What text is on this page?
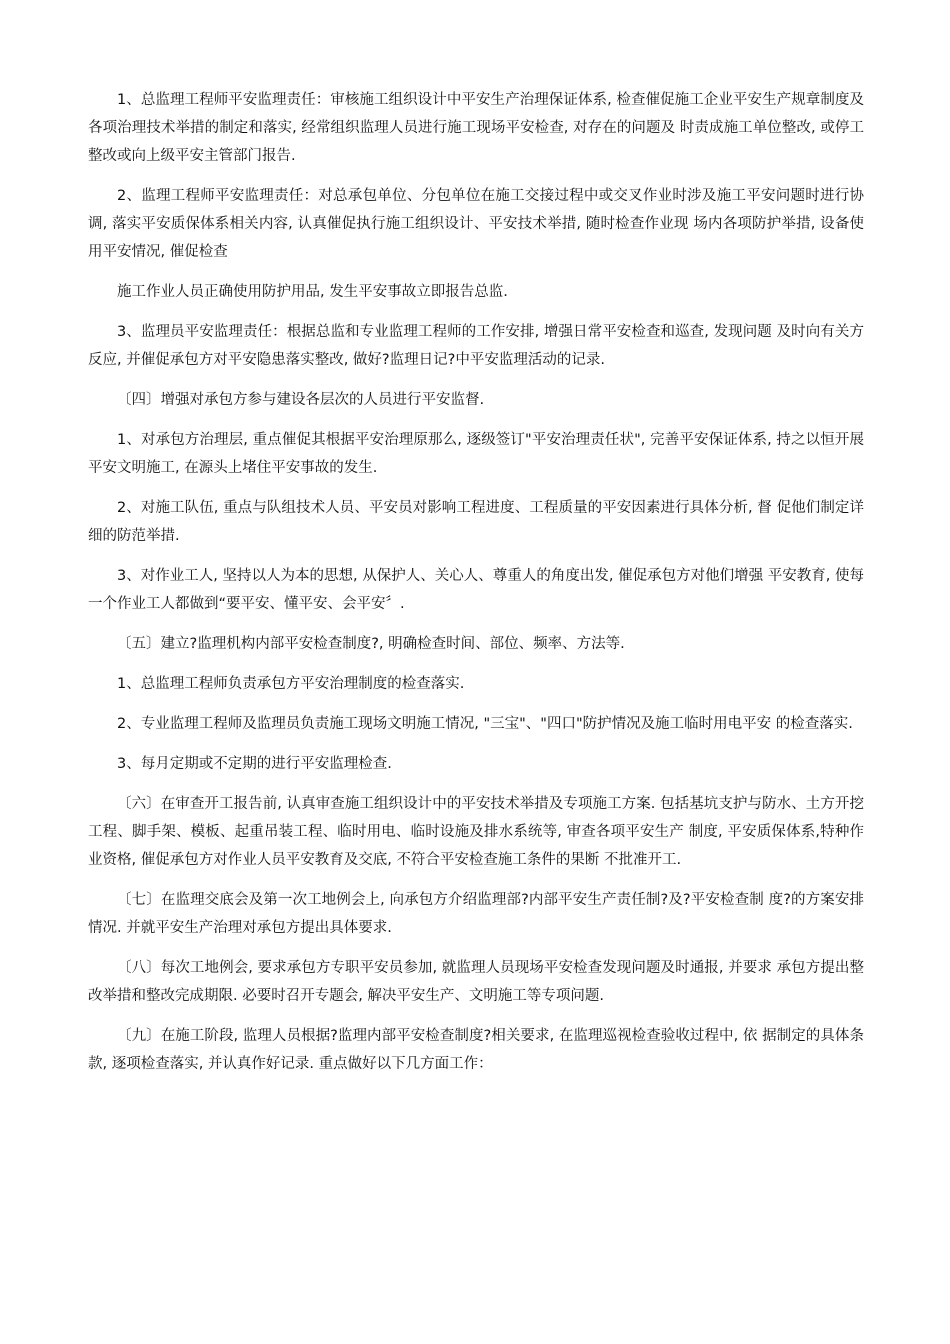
1、总监理工程师平安监理责任：审核施工组织设计中平安生产治理保证体系, 检查催促施工企业平安生产规章制度及各项治理技术举措的制定和落实, 经常组织监理人员进行施工现场平安检查, 对存在的问题及 时责成施工单位整改, 或停工整改或向上级平安主管部门报告.

2、监理工程师平安监理责任：对总承包单位、分包单位在施工交接过程中或交叉作业时涉及施工平安问题时进行协调, 落实平安质保体系相关内容, 认真催促执行施工组织设计、平安技术举措, 随时检查作业现 场内各项防护举措, 设备使用平安情况, 催促检查

施工作业人员正确使用防护用品, 发生平安事故立即报告总监.

3、监理员平安监理责任：根据总监和专业监理工程师的工作安排, 增强日常平安检查和巡查, 发现问题 及时向有关方反应, 并催促承包方对平安隐患落实整改, 做好?监理日记?中平安监理活动的记录.

〔四〕增强对承包方参与建设各层次的人员进行平安监督.

1、对承包方治理层, 重点催促其根据平安治理原那么, 逐级签订"平安治理责任状", 完善平安保证体系, 持之以恒开展平安文明施工, 在源头上堵住平安事故的发生.

2、对施工队伍, 重点与队组技术人员、平安员对影响工程进度、工程质量的平安因素进行具体分析, 督 促他们制定详细的防范举措.

3、对作业工人, 坚持以人为本的思想, 从保护人、关心人、尊重人的角度出发, 催促承包方对他们增强 平安教育, 使每一个作业工人都做到“要平安、懂平安、会平安〞.

〔五〕建立?监理机构内部平安检查制度?, 明确检查时间、部位、频率、方法等.

1、总监理工程师负责承包方平安治理制度的检查落实.

2、专业监理工程师及监理员负责施工现场文明施工情况, "三宝"、"四口"防护情况及施工临时用电平安 的检查落实.

3、每月定期或不定期的进行平安监理检查.

〔六〕在审查开工报告前, 认真审查施工组织设计中的平安技术举措及专项施工方案. 包括基坑支护与防水、土方开挖工程、脚手架、模板、起重吊装工程、临时用电、临时设施及排水系统等, 审查各项平安生产 制度, 平安质保体系,特种作业资格, 催促承包方对作业人员平安教育及交底, 不符合平安检查施工条件的果断 不批准开工.

〔七〕在监理交底会及第一次工地例会上, 向承包方介绍监理部?内部平安生产责任制?及?平安检查制 度?的方案安排情况. 并就平安生产治理对承包方提出具体要求.

〔八〕每次工地例会, 要求承包方专职平安员参加, 就监理人员现场平安检查发现问题及时通报, 并要求 承包方提出整改举措和整改完成期限. 必要时召开专题会, 解决平安生产、文明施工等专项问题.

〔九〕在施工阶段, 监理人员根据?监理内部平安检查制度?相关要求, 在监理巡视检查验收过程中, 依 据制定的具体条款, 逐项检查落实, 并认真作好记录. 重点做好以下几方面工作：
